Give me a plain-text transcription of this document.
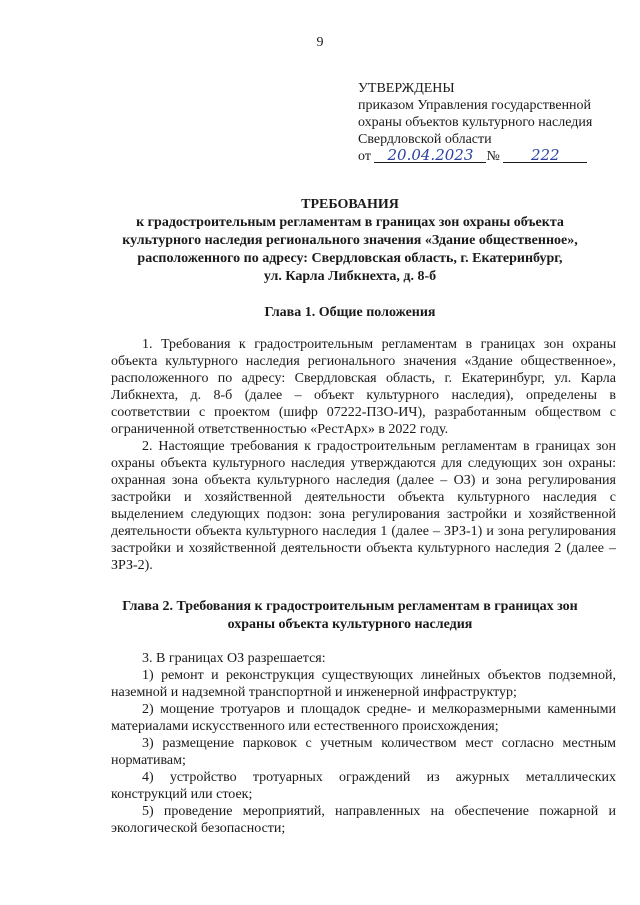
9
УТВЕРЖДЕНЫ
приказом Управления государственной
охраны объектов культурного наследия
Свердловской области
от 20.04.2023 № 222
ТРЕБОВАНИЯ
к градостроительным регламентам в границах зон охраны объекта
культурного наследия регионального значения «Здание общественное»,
расположенного по адресу: Свердловская область, г. Екатеринбург,
ул. Карла Либкнехта, д. 8-б
Глава 1. Общие положения

1. Требования к градостроительным регламентам в границах зон охраны объекта культурного наследия регионального значения «Здание общественное», расположенного по адресу: Свердловская область, г. Екатеринбург, ул. Карла Либкнехта, д. 8-б (далее – объект культурного наследия), определены в соответствии с проектом (шифр 07222-ПЗО-ИЧ), разработанным обществом с ограниченной ответственностью «РестАрх» в 2022 году.

2. Настоящие требования к градостроительным регламентам в границах зон охраны объекта культурного наследия утверждаются для следующих зон охраны: охранная зона объекта культурного наследия (далее – ОЗ) и зона регулирования застройки и хозяйственной деятельности объекта культурного наследия с выделением следующих подзон: зона регулирования застройки и хозяйственной деятельности объекта культурного наследия 1 (далее – ЗРЗ-1) и зона регулирования застройки и хозяйственной деятельности объекта культурного наследия 2 (далее – ЗРЗ-2).

Глава 2. Требования к градостроительным регламентам в границах зон
охраны объекта культурного наследия

3. В границах ОЗ разрешается:

1) ремонт и реконструкция существующих линейных объектов подземной, наземной и надземной транспортной и инженерной инфраструктур;

2) мощение тротуаров и площадок средне- и мелкоразмерными каменными материалами искусственного или естественного происхождения;

3) размещение парковок с учетным количеством мест согласно местным нормативам;

4) устройство тротуарных ограждений из ажурных металлических конструкций или стоек;

5) проведение мероприятий, направленных на обеспечение пожарной и экологической безопасности;
